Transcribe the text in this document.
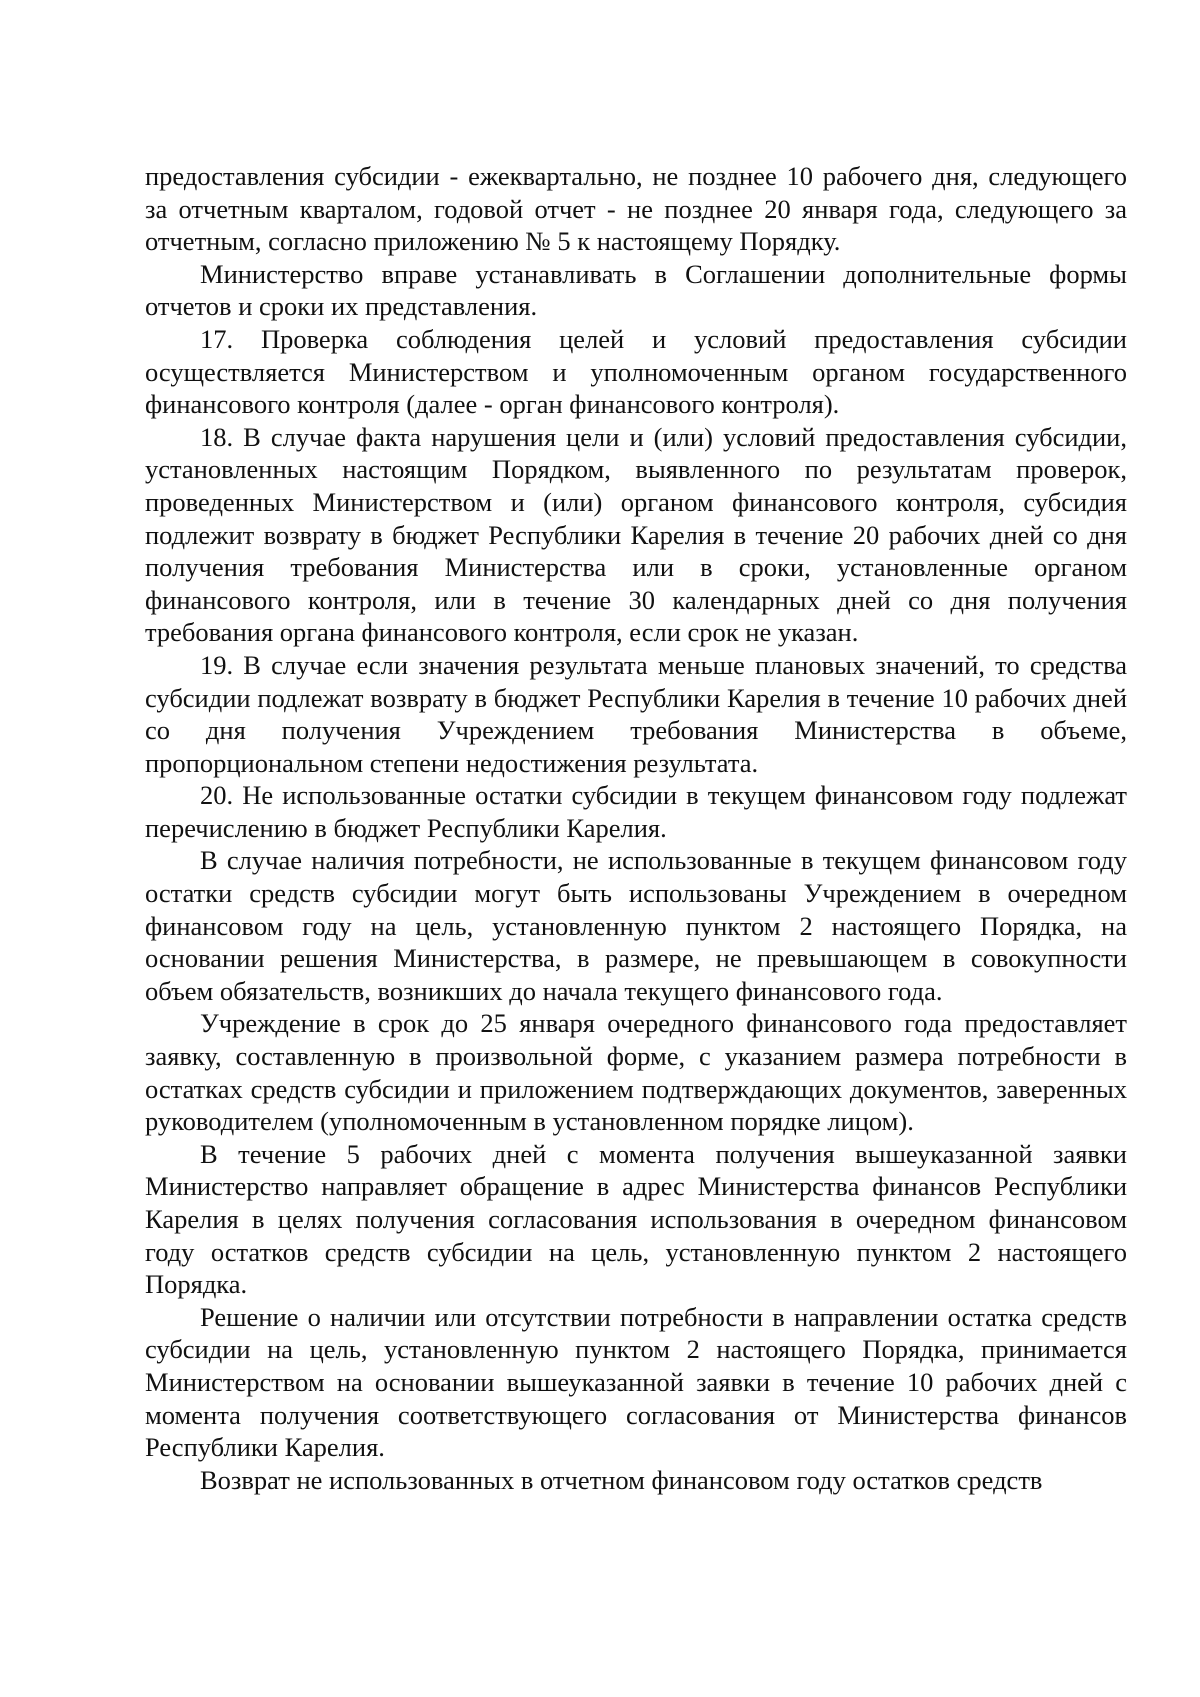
предоставления субсидии - ежеквартально, не позднее 10 рабочего дня, следующего за отчетным кварталом, годовой отчет - не позднее 20 января года, следующего за отчетным, согласно приложению № 5 к настоящему Порядку.

Министерство вправе устанавливать в Соглашении дополнительные формы отчетов и сроки их представления.

17. Проверка соблюдения целей и условий предоставления субсидии осуществляется Министерством и уполномоченным органом государственного финансового контроля (далее - орган финансового контроля).

18. В случае факта нарушения цели и (или) условий предоставления субсидии, установленных настоящим Порядком, выявленного по результатам проверок, проведенных Министерством и (или) органом финансового контроля, субсидия подлежит возврату в бюджет Республики Карелия в течение 20 рабочих дней со дня получения требования Министерства или в сроки, установленные органом финансового контроля, или в течение 30 календарных дней со дня получения требования органа финансового контроля, если срок не указан.

19. В случае если значения результата меньше плановых значений, то средства субсидии подлежат возврату в бюджет Республики Карелия в течение 10 рабочих дней со дня получения Учреждением требования Министерства в объеме, пропорциональном степени недостижения результата.

20. Не использованные остатки субсидии в текущем финансовом году подлежат перечислению в бюджет Республики Карелия.

В случае наличия потребности, не использованные в текущем финансовом году остатки средств субсидии могут быть использованы Учреждением в очередном финансовом году на цель, установленную пунктом 2 настоящего Порядка, на основании решения Министерства, в размере, не превышающем в совокупности объем обязательств, возникших до начала текущего финансового года.

Учреждение в срок до 25 января очередного финансового года предоставляет заявку, составленную в произвольной форме, с указанием размера потребности в остатках средств субсидии и приложением подтверждающих документов, заверенных руководителем (уполномоченным в установленном порядке лицом).

В течение 5 рабочих дней с момента получения вышеуказанной заявки Министерство направляет обращение в адрес Министерства финансов Республики Карелия в целях получения согласования использования в очередном финансовом году остатков средств субсидии на цель, установленную пунктом 2 настоящего Порядка.

Решение о наличии или отсутствии потребности в направлении остатка средств субсидии на цель, установленную пунктом 2 настоящего Порядка, принимается Министерством на основании вышеуказанной заявки в течение 10 рабочих дней с момента получения соответствующего согласования от Министерства финансов Республики Карелия.

Возврат не использованных в отчетном финансовом году остатков средств
